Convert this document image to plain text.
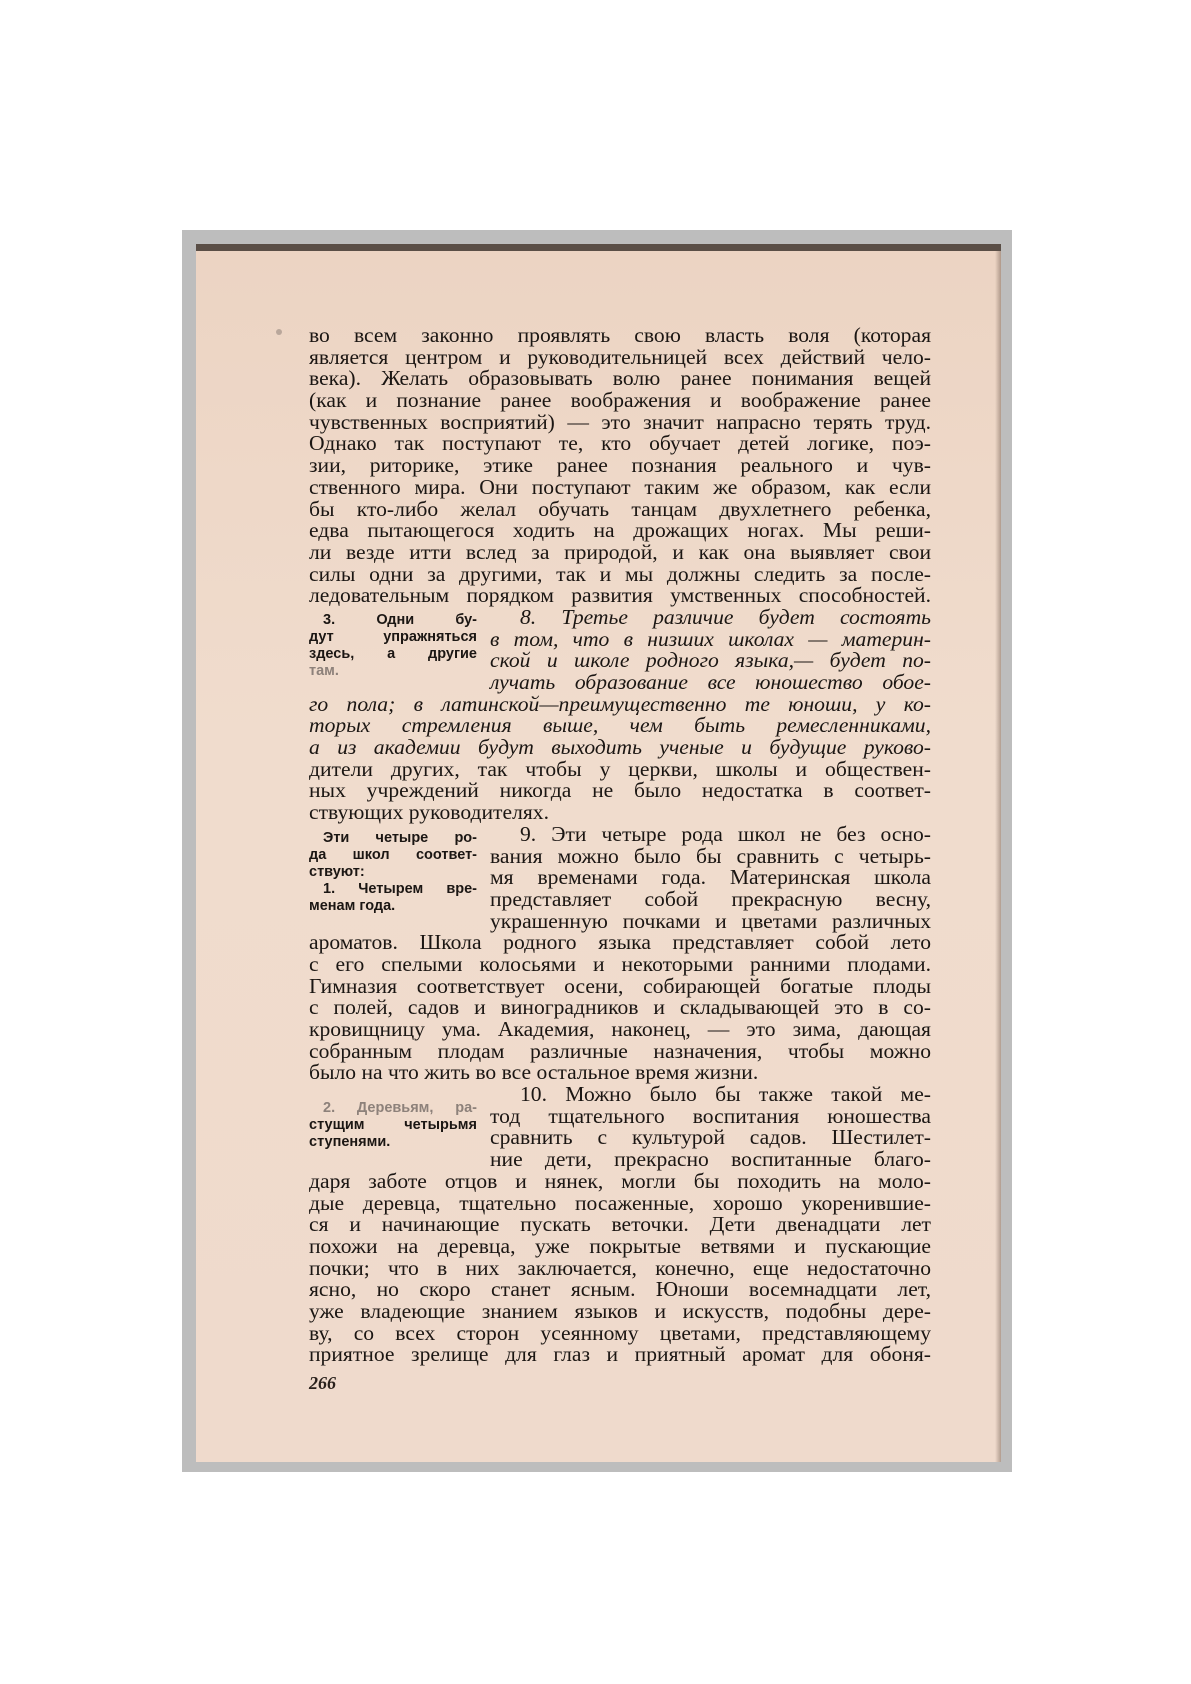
во всем законно проявлять свою власть воля (которая
является центром и руководительницей всех действий чело-
века). Желать образовывать волю ранее понимания вещей
(как и познание ранее воображения и воображение ранее
чувственных восприятий) — это значит напрасно терять труд.
Однако так поступают те, кто обучает детей логике, поэ-
зии, риторике, этике ранее познания реального и чув-
ственного мира. Они поступают таким же образом, как если
бы кто-либо желал обучать танцам двухлетнего ребенка,
едва пытающегося ходить на дрожащих ногах. Мы реши-
ли везде итти вслед за природой, и как она выявляет свои
силы одни за другими, так и мы должны следить за после-
ледовательным порядком развития умственных способностей.
3. Одни бу-
дут упражняться
здесь, а другие
там.
8. Третье различие будет состоять
в том, что в низших школах — материн-
ской и школе родного языка,— будет по-
лучать образование все юношество обое-
го пола; в латинской—преимущественно те юноши, у ко-
торых стремления выше, чем быть ремесленниками,
а из академии будут выходить ученые и будущие руково-
дители других, так чтобы у церкви, школы и обществен-
ных учреждений никогда не было недостатка в соответ-
ствующих руководителях.
Эти четыре ро-
да школ соответ-
ствуют:
1. Четырем вре-
менам года.
9. Эти четыре рода школ не без осно-
вания можно было бы сравнить с четырь-
мя временами года. Материнская школа
представляет собой прекрасную весну,
украшенную почками и цветами различных
ароматов. Школа родного языка представляет собой лето
с его спелыми колосьями и некоторыми ранними плодами.
Гимназия соответствует осени, собирающей богатые плоды
с полей, садов и виноградников и складывающей это в со-
кровищницу ума. Академия, наконец, — это зима, дающая
собранным плодам различные назначения, чтобы можно
было на что жить во все остальное время жизни.
2. Деревьям, ра-
стущим четырьмя
ступенями.
10. Можно было бы также такой ме-
тод тщательного воспитания юношества
сравнить с культурой садов. Шестилет-
ние дети, прекрасно воспитанные благо-
даря заботе отцов и нянек, могли бы походить на моло-
дые деревца, тщательно посаженные, хорошо укоренившие-
ся и начинающие пускать веточки. Дети двенадцати лет
похожи на деревца, уже покрытые ветвями и пускающие
почки; что в них заключается, конечно, еще недостаточно
ясно, но скоро станет ясным. Юноши восемнадцати лет,
уже владеющие знанием языков и искусств, подобны дере-
ву, со всех сторон усеянному цветами, представляющему
приятное зрелище для глаз и приятный аромат для обоня-
266
